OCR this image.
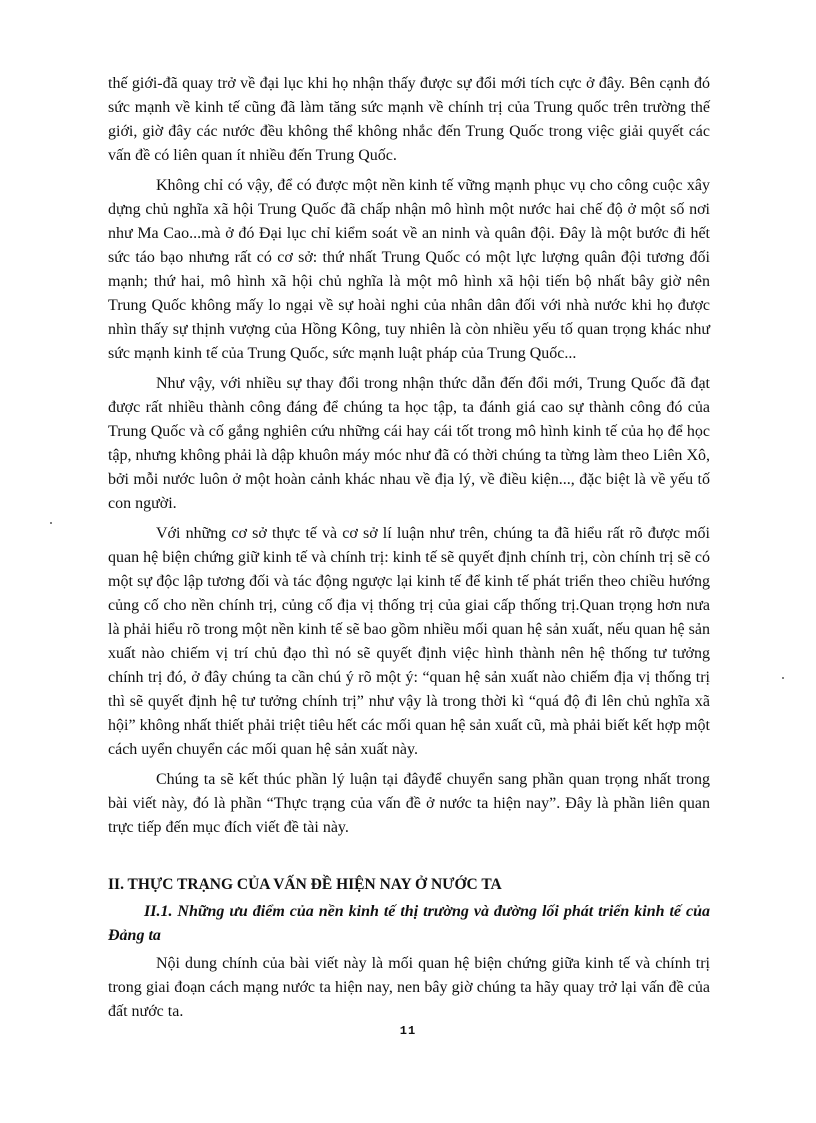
thế giới-đã quay trở về đại lục khi họ nhận thấy được sự đổi mới tích cực ở đây. Bên cạnh đó sức mạnh về kinh tế cũng đã làm tăng sức mạnh về chính trị của Trung quốc trên trường thế giới, giờ đây các nước đều không thể không nhắc đến Trung Quốc trong việc giải quyết các vấn đề có liên quan ít nhiều đến Trung Quốc.

Không chỉ có vậy, để có được một nền kinh tế vững mạnh phục vụ cho công cuộc xây dựng chủ nghĩa xã hội Trung Quốc đã chấp nhận mô hình một nước hai chế độ ở một số nơi như Ma Cao...mà ở đó Đại lục chỉ kiểm soát về an ninh và quân đội. Đây là một bước đi hết sức táo bạo nhưng rất có cơ sở: thứ nhất Trung Quốc có một lực lượng quân đội tương đối mạnh; thứ hai, mô hình xã hội chủ nghĩa là một mô hình xã hội tiến bộ nhất bây giờ nên Trung Quốc không mấy lo ngại về sự hoài nghi của nhân dân đối với nhà nước khi họ được nhìn thấy sự thịnh vượng của Hồng Kông, tuy nhiên là còn nhiều yếu tố quan trọng khác như sức mạnh kinh tế của Trung Quốc, sức mạnh luật pháp của Trung Quốc...

Như vậy, với nhiều sự thay đổi trong nhận thức dẫn đến đổi mới, Trung Quốc đã đạt được rất nhiều thành công đáng để chúng ta học tập, ta đánh giá cao sự thành công đó của Trung Quốc và cố gắng nghiên cứu những cái hay cái tốt trong mô hình kinh tế của họ để học tập, nhưng không phải là dập khuôn máy móc như đã có thời chúng ta từng làm theo Liên Xô, bởi mỗi nước luôn ở một hoàn cảnh khác nhau về địa lý, về điều kiện..., đặc biệt là về yếu tố con người.

Với những cơ sở thực tế và cơ sở lí luận như trên, chúng ta đã hiểu rất rõ được mối quan hệ biện chứng giữ kinh tế và chính trị: kinh tế sẽ quyết định chính trị, còn chính trị sẽ có một sự độc lập tương đối và tác động ngược lại kinh tế để kinh tế phát triển theo chiều hướng củng cố cho nền chính trị, củng cố địa vị thống trị của giai cấp thống trị.Quan trọng hơn nưa là phải hiểu rõ trong một nền kinh tế sẽ bao gồm nhiều mối quan hệ sản xuất, nếu quan hệ sản xuất nào chiếm vị trí chủ đạo thì nó sẽ quyết định việc hình thành nên hệ thống tư tưởng chính trị đó, ở đây chúng ta cần chú ý rõ một ý: “quan hệ sản xuất nào chiếm địa vị thống trị thì sẽ quyết định hệ tư tưởng chính trị” như vậy là trong thời kì “quá độ đi lên chủ nghĩa xã hội” không nhất thiết phải triệt tiêu hết các mối quan hệ sản xuất cũ, mà phải biết kết hợp một cách uyển chuyển các mối quan hệ sản xuất này.

Chúng ta sẽ kết thúc phần lý luận tại đâyđể chuyển sang phần quan trọng nhất trong bài viết này, đó là phần “Thực trạng của vấn đề ở nước ta hiện nay”. Đây là phần liên quan trực tiếp đến mục đích viết đề tài này.

II. THỰC TRẠNG CỦA VẤN ĐỀ HIỆN NAY Ở NƯỚC TA
II.1. Những ưu điểm của nền kinh tế thị trường và đường lối phát triển kinh tế của Đảng ta

Nội dung chính của bài viết này là mối quan hệ biện chứng giữa kinh tế và chính trị trong giai đoạn cách mạng nước ta hiện nay, nen bây giờ chúng ta hãy quay trở lại vấn đề của đất nước ta.

11
